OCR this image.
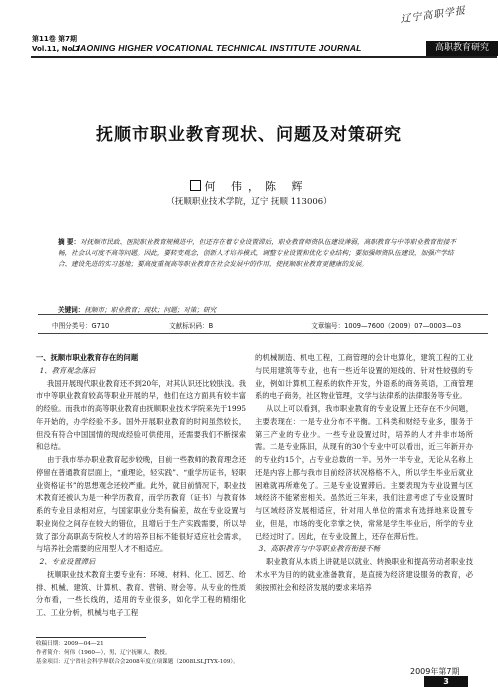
第11卷 第7期
Vol.11, No.7
LIAONING HIGHER VOCATIONAL TECHNICAL INSTITUTE JOURNAL
辽宁高职学报
高职教育研究
抚顺市职业教育现状、问题及对策研究
何 伟，陈 辉
（抚顺职业技术学院，辽宁 抚顺 113006）
摘 要：对抚顺市民政、医院职业教育规模进中，但还存在着专业设置滞后，职业教育师资队伍建设薄弱，高职教育与中等职业教育衔接不畅，社会认可度不高等问题。因此，要转变观念，创新人才培养模式，调整专业设置和优化专业结构；要加强师资队伍建设，加强产学结合、建设先进的实习基地；要高度重视高等职业教育在社会发展中的作用，使抚顺职业教育更健康的发展。
关键词：抚顺市；职业教育；现状；问题；对策；研究
中图分类号：G710	文献标识码：B	文章编号：1009—7600（2009）07—0003—03

一、抚顺市职业教育存在的问题

1、教育观念落后

我国开展现代职业教育还不到20年，对其认识还比较肤浅。我市中等职业教育较高等职业开展的早，他们在这方面具有较丰富的经验。而我市的高等职业教育由抚顺职业技术学院来先于1995年开始的，办学经验不多。国外开展职业教育的时间虽然较长，但没有符合中国国情的现成经验可供使用，还需要我们不断探索和总结。

由于我市举办职业教育起步较晚，目前一些教师的教育理念还停留在普通教育层面上，“重理论，轻实践”、“重学历证书，轻职业资格证书”的思想观念还较严重。此外，就目前情况下，职业技术教育还被认为是一种学历教育，而学历教育（证书）与教育体系的专业目录相对应，与国家职业分类有偏差，故在专业设置与职业岗位之间存在较大的错位，且增后于生产实践需要，所以导致了部分高职高专院校人才的培养目标不能很好适应社会需求，与培养社会需要的应用型人才不相适应。

2、专业设置滞后

抚顺职业技术教育主要专业有：环境、材料、化工、园艺、给排、机械、建筑、计算机、教育、营销、财会等。从专业的性质分布看，一些长线的，适用的专业很多，如化学工程的精细化工、工业分析，机械与电子工程

的机械制造、机电工程，工商管理的会计电算化，建筑工程的工业与民用建筑等专业，也有一些近年设置的短线的、针对性较强的专业，例如计算机工程系的软件开发，外语系的商务英语，工商管理系的电子商务，社区物业管理，文学与法律系的法律服务等专业。

从以上可以看到，我市职业教育的专业设置上还存在不少问题，主要表现在：一是专业分布不平衡。工科类和财经专业多，服务于第三产业的专业少。一些专业设置过时，培养的人才并非市场所需。二是专业陈旧，从现有的30个专业中可以看出，近三年新开办的专业约15个，占专业总数的一半。另外一半专业，无论从名称上还是内容上都与我市目前经济状况格格不入，所以学生毕业后就业困难就再所难免了。三是专业设置滞后。主要表现为专业设置与区域经济不能紧密相关。虽然近三年来，我们注意考虑了专业设置时与区域经济发展相适应，针对用人单位的需求有选择地来设置专业，但是，市场的变化幸掌之快，常常是学生毕业后，所学的专业已经过时了。因此，在专业设置上，还存在滞后性。

3、高职教育与中等职业教育衔接不畅

职业教育从本质上讲就是以就业、转换职业和提高劳动者职业技术水平为目的的就业准备教育，是直接为经济建设服务的教育，必须按照社会和经济发展的要求来培养

收稿日期：2009—04—21
作者简介：何伟（1960—），男，辽宁抚顺人，教授。
基金项目：辽宁省社会科学界联合会2008年度立项课题（2008LSLJTYX-109）。
2009年第7期
3
